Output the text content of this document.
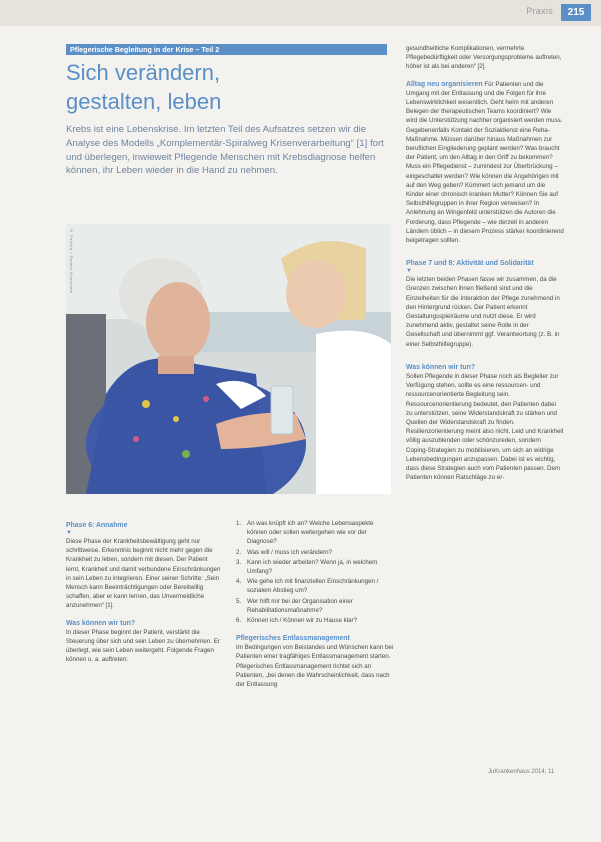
Praxis	215
Pflegerische Begleitung in der Krise – Teil 2
Sich verändern,
gestalten, leben

Krebs ist eine Lebenskrise. Im letzten Teil des Aufsatzes setzen wir die Analyse des Modells „Komplementär-Spiralweg Krisenverarbeitung“ [1] fort und überlegen, inwieweit Pflegende Menschen mit Krebsdiagnose helfen können, ihr Leben wieder in die Hand zu nehmen.

© Fotolia / Robert Kneschke
Phase 6: Annahme
▼

Diese Phase der Krankheitsbewältigung geht nur schrittweise. Erkenntnis beginnt nicht mehr gegen die Krankheit zu leben, sondern mit diesen. Der Patient lernt, Krankheit und damit verbundene Einschränkungen in sein Leben zu integrieren. Einer seiner Schritte: „Sein Mensch kann Beeinträchtigungen oder Bereitwillig schaffen, aber er kann lernen, das Unvermeidliche anzunehmen“ [1].

Was können wir tun?

In dieser Phase beginnt der Patient, verstärkt die Steuerung über sich und sein Leben zu übernehmen. Er überlegt, wie sein Leben weitergeht. Folgende Fragen können u. a. auftreten:

1. An was knüpft ich an? Welche Lebensaspekte können oder sollen weitergehen wie vor der Diagnose?
2. Was will / muss ich verändern?
3. Kann ich wieder arbeiten? Wenn ja, in welchem Umfang?
4. Wie gehe ich mit finanziellen Einschränkungen / sozialem Abstieg um?
5. Wer hilft mir bei der Organisation einer Rehabilitationsmaßnahme?
6. Können ich / Können wir zu Hause klar?
Pflegerisches Entlassmanagement

Im Bedingungen von Beistandes und Wünschen kann bei Patienten einer tragfähiges Entlassmanagement starten. Pflegerisches Entlassmanagement richtet sich an Patienten, „bei denen die Wahrscheinlichkeit, dass nach der Entlassung

gesundheitliche Komplikationen, vermehrte Pflegebedürftigkeit oder Versorgungsprobleme auftreten, höher ist als bei anderen“ [2].

Alltag neu organisieren Für Patienten und die Umgang mit der Entlassung und die Folgen für ihre Lebenswirklichkeit wesentlich. Geht heim mit anderen Belegen der therapeutischen Teams koordiniert? Wie wird die Unterstützung nachher organisiert werden muss. Gegebenenfalls Kontakt der Sozialdienst eine Reha-Maßnahme. Müssen darüber hinaus Maßnahmen zur beruflichen Eingliederung geplant werden? Was braucht der Patient, um den Alltag in den Griff zu bekommen? Muss ein Pflegedienst – zumindest zur Überbrückung – eingeschaltet werden? Wie können die Angehörigen mit auf den Weg geben? Kümmert sich jemand um die Kinder einer chronisch kranken Mutter? Können Sie auf Selbsthilfegruppen in ihrer Region verweisen? In Anlehnung an Wingenfeld unterstützen die Autoren die Forderung, dass Pflegende – wie derzeit in anderen Ländern üblich – in diesem Prozess stärker koordinierend beigetragen sollten.

Phase 7 und 8: Aktivität und Solidarität
▼

Die letzten beiden Phasen fasse wir zusammen, da die Grenzen zwischen ihnen fließend sind und die Einzelheiten für die Interaktion der Pflege zunehmend in den Hintergrund rücken. Der Patient erkennt Gestaltungsspielräume und nutzt diese. Er wird zunehmend aktiv, gestaltet seine Rolle in der Gesellschaft und übernimmt ggf. Verantwortung (z. B. in einer Selbsthilfegruppe).

Was können wir tun?

Sollen Pflegende in dieser Phase noch als Begleiter zur Verfügung stehen, sollte es eine ressourcen- und ressourcenorientierte Begleitung sein. Ressourcenorientierung bedeutet, den Patienten dabei zu unterstützen, seine Widerstandskraft zu stärken und Quellen der Widerstandskraft zu finden. Resilienzorientierung meint also nicht, Leid und Krankheit völlig auszublenden oder schönzureden, sondern Coping-Strategien zu mobilisieren, um sich an widrige Lebensbedingungen anzupassen. Dabei ist es wichtig, dass diese Strategien auch vom Patienten passen. Dem Patienten können Ratschläge zu er-

JuKrankenhaus 2014; 11
